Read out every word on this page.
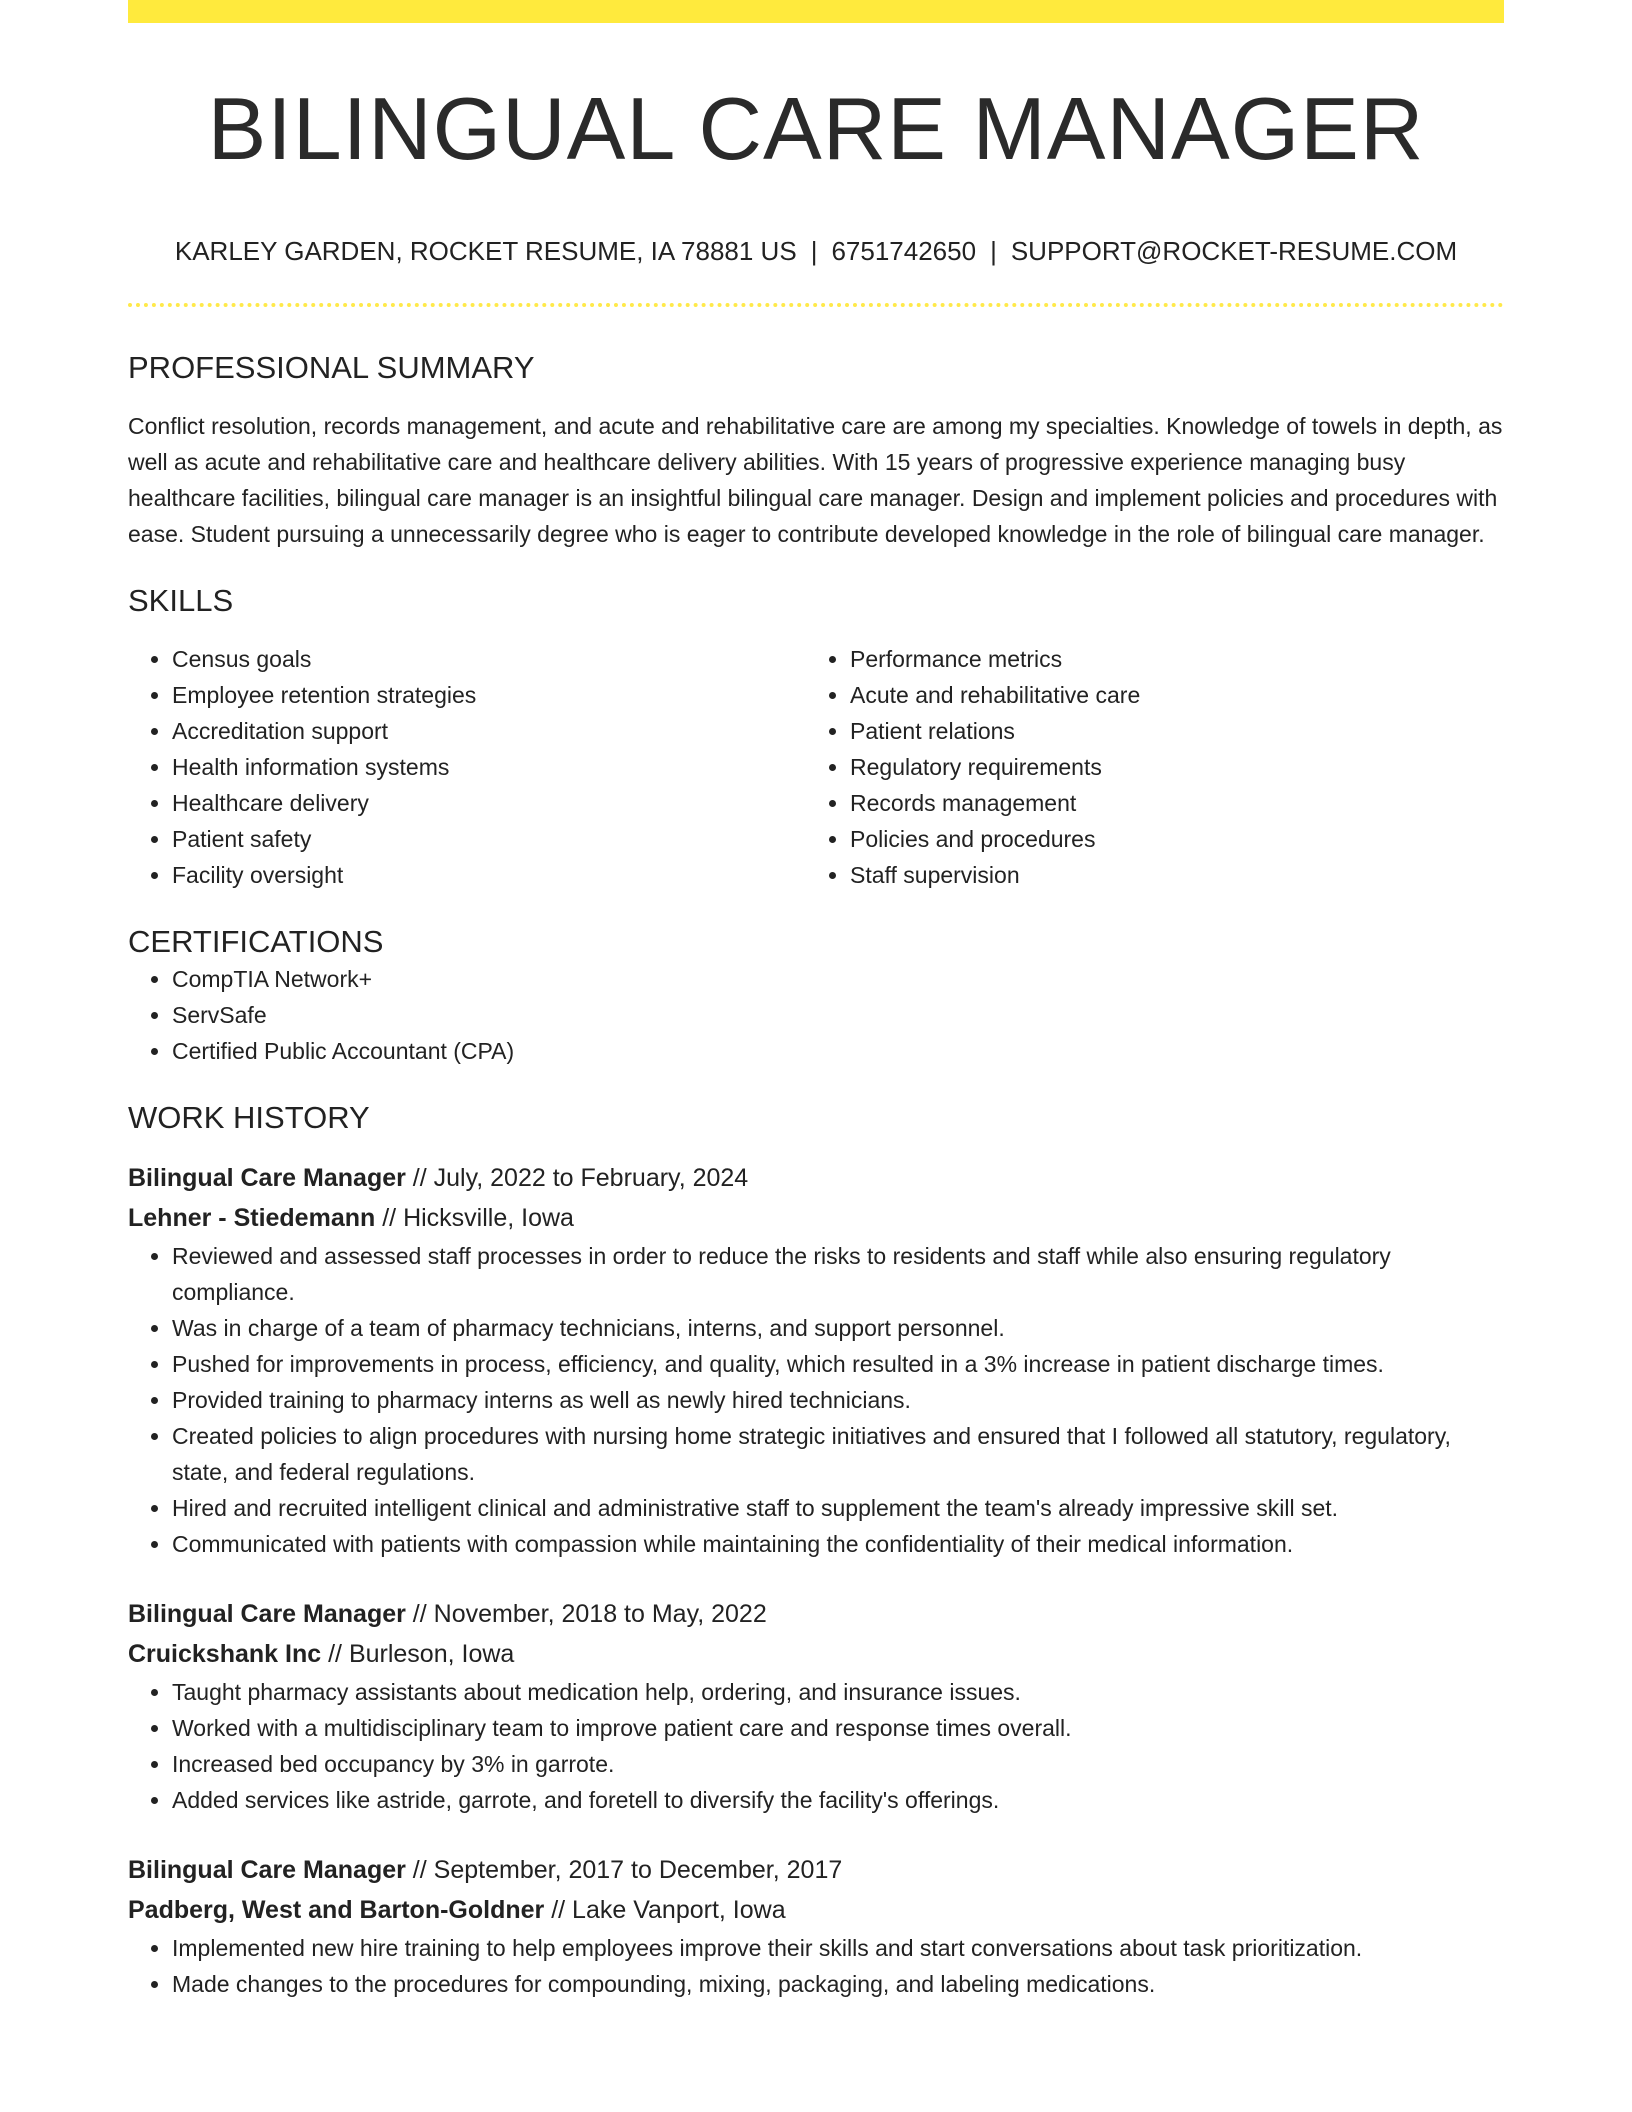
BILINGUAL CARE MANAGER
KARLEY GARDEN, ROCKET RESUME, IA 78881 US | 6751742650 | SUPPORT@ROCKET-RESUME.COM
PROFESSIONAL SUMMARY
Conflict resolution, records management, and acute and rehabilitative care are among my specialties. Knowledge of towels in depth, as well as acute and rehabilitative care and healthcare delivery abilities. With 15 years of progressive experience managing busy healthcare facilities, bilingual care manager is an insightful bilingual care manager. Design and implement policies and procedures with ease. Student pursuing a unnecessarily degree who is eager to contribute developed knowledge in the role of bilingual care manager.
SKILLS
• Census goals
• Employee retention strategies
• Accreditation support
• Health information systems
• Healthcare delivery
• Patient safety
• Facility oversight
• Performance metrics
• Acute and rehabilitative care
• Patient relations
• Regulatory requirements
• Records management
• Policies and procedures
• Staff supervision
CERTIFICATIONS
• CompTIA Network+
• ServSafe
• Certified Public Accountant (CPA)
WORK HISTORY
Bilingual Care Manager // July, 2022 to February, 2024
Lehner - Stiedemann // Hicksville, Iowa
• Reviewed and assessed staff processes in order to reduce the risks to residents and staff while also ensuring regulatory compliance.
• Was in charge of a team of pharmacy technicians, interns, and support personnel.
• Pushed for improvements in process, efficiency, and quality, which resulted in a 3% increase in patient discharge times.
• Provided training to pharmacy interns as well as newly hired technicians.
• Created policies to align procedures with nursing home strategic initiatives and ensured that I followed all statutory, regulatory, state, and federal regulations.
• Hired and recruited intelligent clinical and administrative staff to supplement the team's already impressive skill set.
• Communicated with patients with compassion while maintaining the confidentiality of their medical information.
Bilingual Care Manager // November, 2018 to May, 2022
Cruickshank Inc // Burleson, Iowa
• Taught pharmacy assistants about medication help, ordering, and insurance issues.
• Worked with a multidisciplinary team to improve patient care and response times overall.
• Increased bed occupancy by 3% in garrote.
• Added services like astride, garrote, and foretell to diversify the facility's offerings.
Bilingual Care Manager // September, 2017 to December, 2017
Padberg, West and Barton-Goldner // Lake Vanport, Iowa
• Implemented new hire training to help employees improve their skills and start conversations about task prioritization.
• Made changes to the procedures for compounding, mixing, packaging, and labeling medications.
